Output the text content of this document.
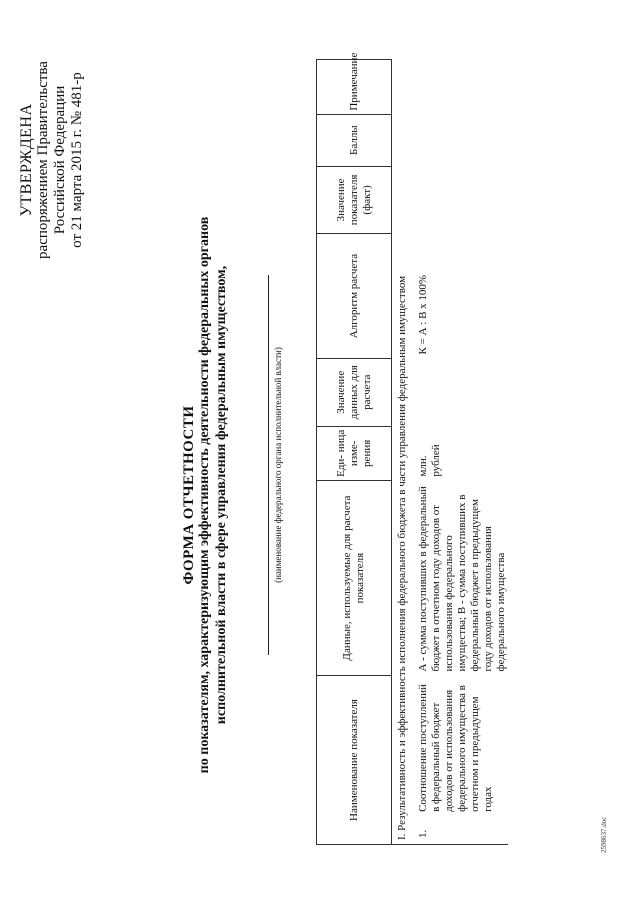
УТВЕРЖДЕНА распоряжением Правительства Российской Федерации от 21 марта 2015 г. № 481-р
ФОРМА ОТЧЕТНОСТИ по показателям, характеризующим эффективность деятельности федеральных органов исполнительной власти в сфере управления федеральным имуществом,	(наименование федерального органа исполнительной власти)
Наименование показателя		Данные, используемые для расчета показателя	Еди- ница изме- рения	Значение данных для расчета	Алгоритм расчета	Значение показателя (факт)	Баллы	Примечание
I. Результативность и эффективность исполнения федерального бюджета в части управления федеральным имуществом								
1.	Соотношение поступлений в федеральный бюджет доходов от использования федерального имущества в отчетном и предыдущем годах	А - сумма поступивших в федеральный бюджет в отчетном году доходов от использования федерального имущества; В - сумма поступивших в федеральный бюджет в предыдущем году доходов от использования федерального имущества	млн. рублей		К = А : В х 100%			
2598637.doc
